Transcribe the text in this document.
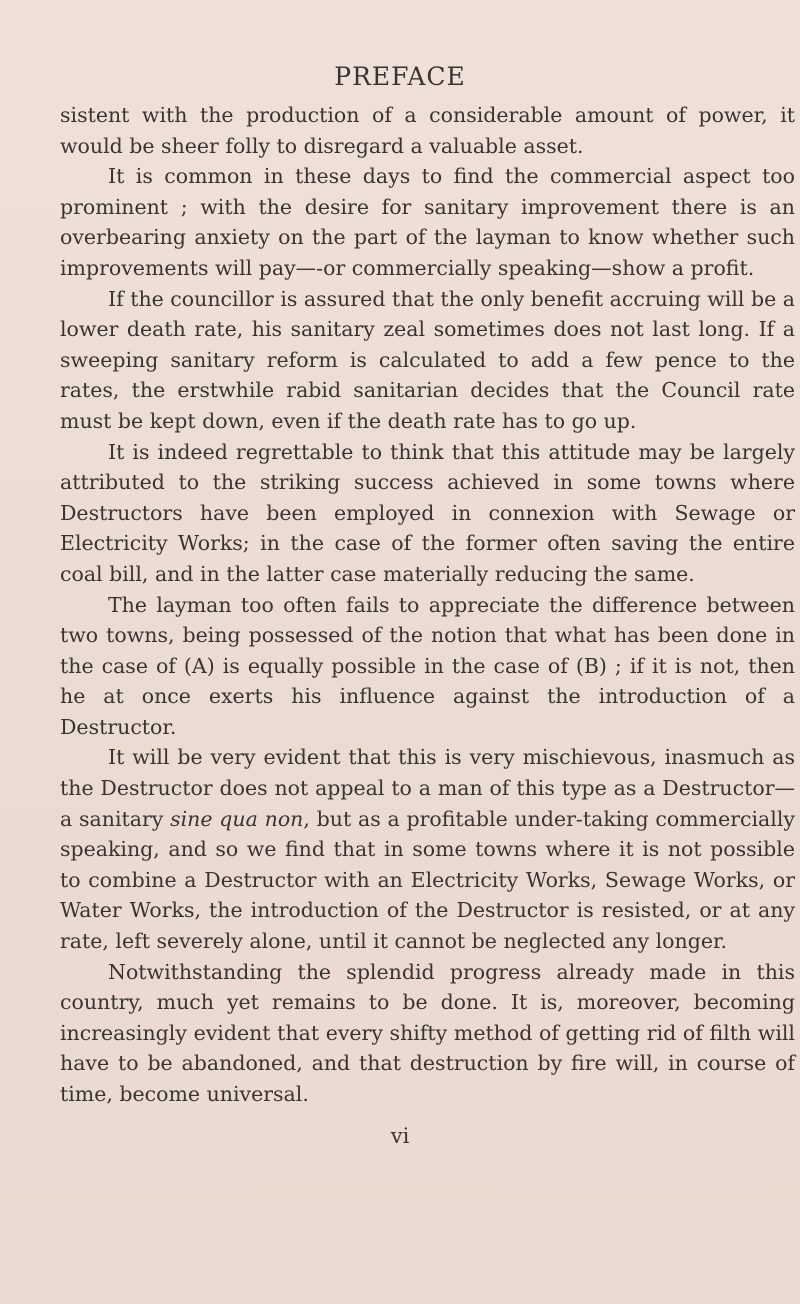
PREFACE

sistent with the production of a considerable amount of power, it would be sheer folly to disregard a valuable asset.

It is common in these days to find the commercial aspect too prominent ; with the desire for sanitary improvement there is an overbearing anxiety on the part of the layman to know whether such improvements will pay—-or commercially speaking—show a profit.

If the councillor is assured that the only benefit accruing will be a lower death rate, his sanitary zeal sometimes does not last long. If a sweeping sanitary reform is calculated to add a few pence to the rates, the erstwhile rabid sanitarian decides that the Council rate must be kept down, even if the death rate has to go up.

It is indeed regrettable to think that this attitude may be largely attributed to the striking success achieved in some towns where Destructors have been employed in connexion with Sewage or Electricity Works; in the case of the former often saving the entire coal bill, and in the latter case materially reducing the same.

The layman too often fails to appreciate the difference between two towns, being possessed of the notion that what has been done in the case of (A) is equally possible in the case of (B) ; if it is not, then he at once exerts his influence against the introduction of a Destructor.

It will be very evident that this is very mischievous, inasmuch as the Destructor does not appeal to a man of this type as a Destructor—a sanitary sine qua non, but as a profitable under-taking commercially speaking, and so we find that in some towns where it is not possible to combine a Destructor with an Electricity Works, Sewage Works, or Water Works, the introduction of the Destructor is resisted, or at any rate, left severely alone, until it cannot be neglected any longer.

Notwithstanding the splendid progress already made in this country, much yet remains to be done. It is, moreover, becoming increasingly evident that every shifty method of getting rid of filth will have to be abandoned, and that destruction by fire will, in course of time, become universal.

vi
